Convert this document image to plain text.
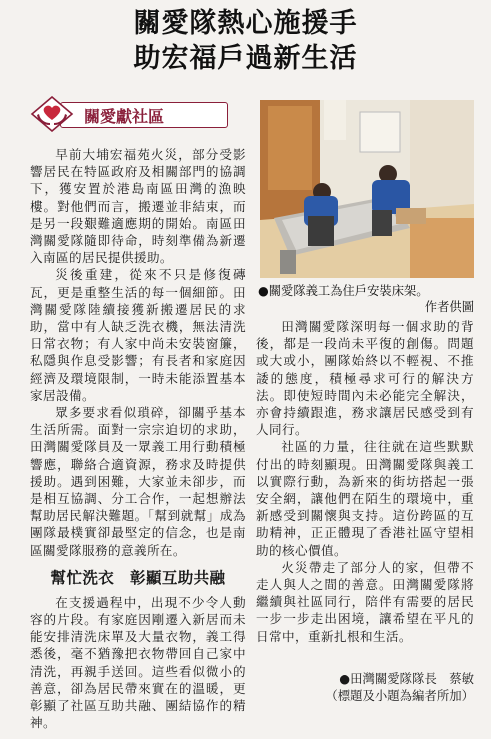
關愛隊熱心施援手
助宏福戶過新生活
關愛獻社區

早前大埔宏福苑火災，部分受影響居民在特區政府及相關部門的協調下，獲安置於港島南區田灣的漁映樓。對他們而言，搬遷並非結束，而是另一段艱難適應期的開始。南區田灣關愛隊隨即待命，時刻準備為新遷入南區的居民提供援助。

災後重建，從來不只是修復磚瓦，更是重整生活的每一個細節。田灣關愛隊陸續接獲新搬遷居民的求助，當中有人缺乏洗衣機，無法清洗日常衣物；有人家中尚未安裝窗簾，私隱與作息受影響；有長者和家庭因經濟及環境限制，一時未能添置基本家居設備。

眾多要求看似瑣碎，卻關乎基本生活所需。面對一宗宗迫切的求助，田灣關愛隊員及一眾義工用行動積極響應，聯絡合適資源，務求及時提供援助。遇到困難，大家並未卻步，而是相互協調、分工合作，一起想辦法幫助居民解決難題。「幫到就幫」成為團隊最樸實卻最堅定的信念，也是南區關愛隊服務的意義所在。

幫忙洗衣　彰顯互助共融

在支援過程中，出現不少令人動容的片段。有家庭因剛遷入新居而未能安排清洗床單及大量衣物，義工得悉後，毫不猶豫把衣物帶回自己家中清洗，再親手送回。這些看似微小的善意，卻為居民帶來實在的溫暖，更彰顯了社區互助共融、團結協作的精神。

●關愛隊義工為住戶安裝床架。
作者供圖

田灣關愛隊深明每一個求助的背後，都是一段尚未平復的創傷。問題或大或小，團隊始終以不輕視、不推諉的態度，積極尋求可行的解決方法。即使短時間內未必能完全解決，亦會持續跟進，務求讓居民感受到有人同行。

社區的力量，往往就在這些默默付出的時刻顯現。田灣關愛隊與義工以實際行動，為新來的街坊搭起一張安全網，讓他們在陌生的環境中，重新感受到關懷與支持。這份跨區的互助精神，正正體現了香港社區守望相助的核心價值。

火災帶走了部分人的家，但帶不走人與人之間的善意。田灣關愛隊將繼續與社區同行，陪伴有需要的居民一步一步走出困境，讓希望在平凡的日常中，重新扎根和生活。

●田灣關愛隊隊長　蔡敏
（標題及小題為編者所加）
